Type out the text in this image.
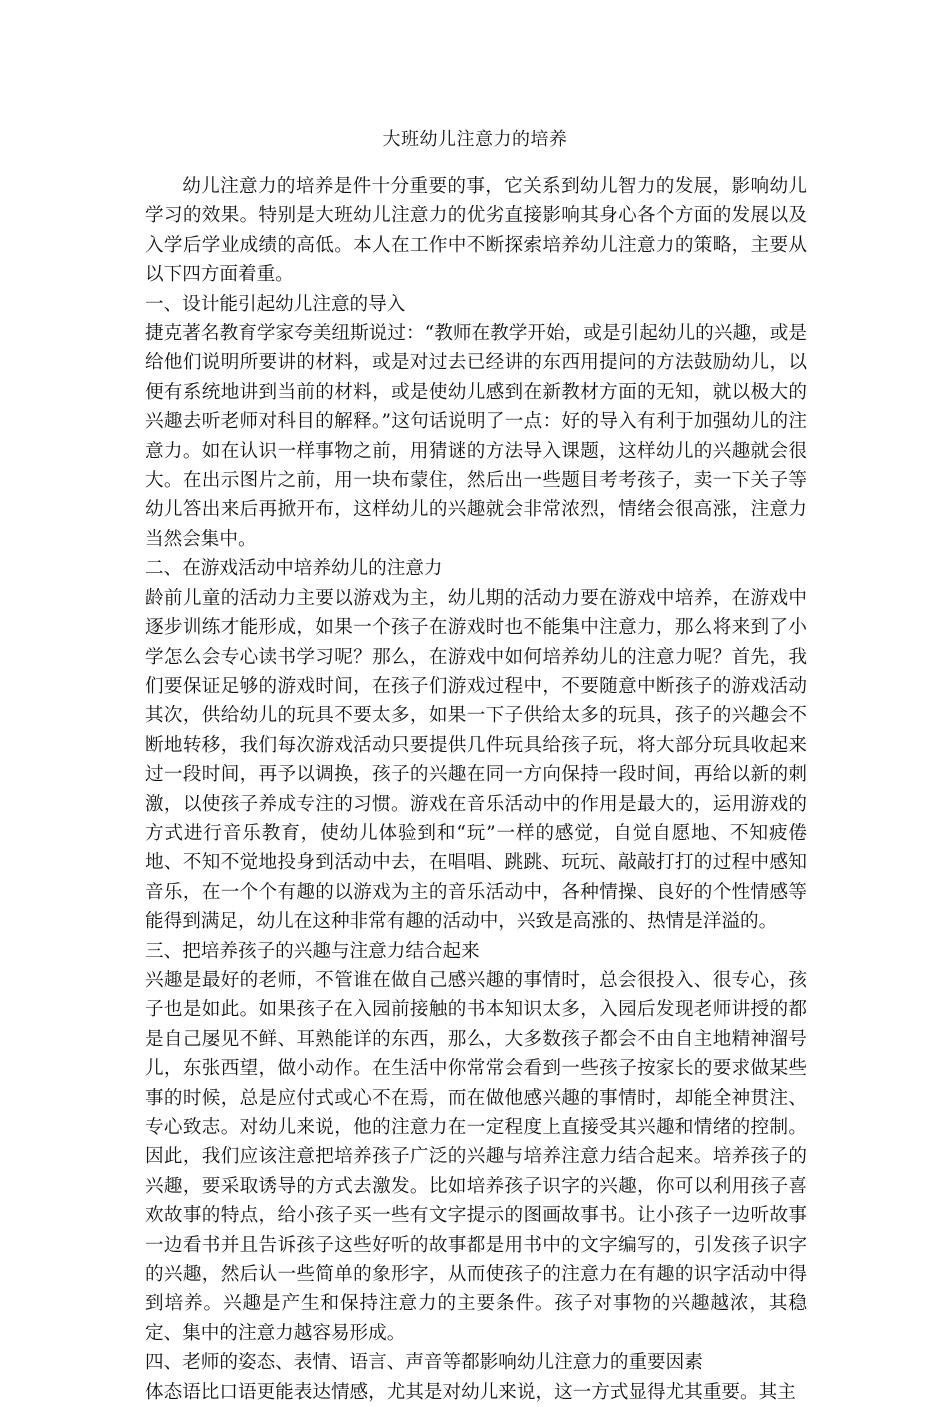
大班幼儿注意力的培养

幼儿注意力的培养是件十分重要的事，它关系到幼儿智力的发展，影响幼儿学习的效果。特别是大班幼儿注意力的优劣直接影响其身心各个方面的发展以及入学后学业成绩的高低。本人在工作中不断探索培养幼儿注意力的策略，主要从以下四方面着重。

一、设计能引起幼儿注意的导入

捷克著名教育学家夸美纽斯说过：“教师在教学开始，或是引起幼儿的兴趣，或是给他们说明所要讲的材料，或是对过去已经讲的东西用提问的方法鼓励幼儿，以便有系统地讲到当前的材料，或是使幼儿感到在新教材方面的无知，就以极大的兴趣去听老师对科目的解释。”这句话说明了一点：好的导入有利于加强幼儿的注意力。如在认识一样事物之前，用猜谜的方法导入课题，这样幼儿的兴趣就会很大。在出示图片之前，用一块布蒙住，然后出一些题目考考孩子，卖一下关子等幼儿答出来后再掀开布，这样幼儿的兴趣就会非常浓烈，情绪会很高涨，注意力当然会集中。

二、在游戏活动中培养幼儿的注意力

龄前儿童的活动力主要以游戏为主，幼儿期的活动力要在游戏中培养，在游戏中逐步训练才能形成，如果一个孩子在游戏时也不能集中注意力，那么将来到了小学怎么会专心读书学习呢？那么，在游戏中如何培养幼儿的注意力呢？首先，我们要保证足够的游戏时间，在孩子们游戏过程中，不要随意中断孩子的游戏活动其次，供给幼儿的玩具不要太多，如果一下子供给太多的玩具，孩子的兴趣会不断地转移，我们每次游戏活动只要提供几件玩具给孩子玩，将大部分玩具收起来过一段时间，再予以调换，孩子的兴趣在同一方向保持一段时间，再给以新的刺激，以使孩子养成专注的习惯。游戏在音乐活动中的作用是最大的，运用游戏的方式进行音乐教育，使幼儿体验到和“玩”一样的感觉，自觉自愿地、不知疲倦地、不知不觉地投身到活动中去，在唱唱、跳跳、玩玩、敲敲打打的过程中感知音乐，在一个个有趣的以游戏为主的音乐活动中，各种情操、良好的个性情感等能得到满足，幼儿在这种非常有趣的活动中，兴致是高涨的、热情是洋溢的。

三、把培养孩子的兴趣与注意力结合起来

兴趣是最好的老师，不管谁在做自己感兴趣的事情时，总会很投入、很专心，孩子也是如此。如果孩子在入园前接触的书本知识太多，入园后发现老师讲授的都是自己屡见不鲜、耳熟能详的东西，那么，大多数孩子都会不由自主地精神溜号儿，东张西望，做小动作。在生活中你常常会看到一些孩子按家长的要求做某些事的时候，总是应付式或心不在焉，而在做他感兴趣的事情时，却能全神贯注、专心致志。对幼儿来说，他的注意力在一定程度上直接受其兴趣和情绪的控制。因此，我们应该注意把培养孩子广泛的兴趣与培养注意力结合起来。培养孩子的兴趣，要采取诱导的方式去激发。比如培养孩子识字的兴趣，你可以利用孩子喜欢故事的特点，给小孩子买一些有文字提示的图画故事书。让小孩子一边听故事一边看书并且告诉孩子这些好听的故事都是用书中的文字编写的，引发孩子识字的兴趣，然后认一些简单的象形字，从而使孩子的注意力在有趣的识字活动中得到培养。兴趣是产生和保持注意力的主要条件。孩子对事物的兴趣越浓，其稳定、集中的注意力越容易形成。

四、老师的姿态、表情、语言、声音等都影响幼儿注意力的重要因素

体态语比口语更能表达情感，尤其是对幼儿来说，这一方式显得尤其重要。其主
